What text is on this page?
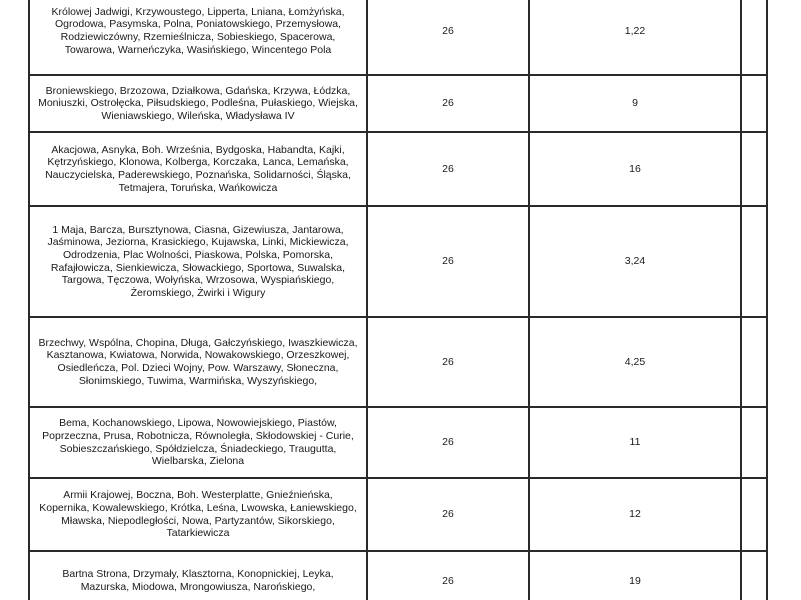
Królowej Jadwigi, Krzywoustego, Lipperta, Lniana, Łomżyńska, Ogrodowa, Pasymska, Polna, Poniatowskiego, Przemysłowa, Rodziewiczówny, Rzemieślnicza, Sobieskiego, Spacerowa, Towarowa, Warneńczyka, Wasińskiego, Wincentego Pola	26	1,22	
Broniewskiego, Brzozowa, Działkowa, Gdańska, Krzywa, Łódzka, Moniuszki, Ostrołęcka, Piłsudskiego, Podleśna, Pułaskiego, Wiejska, Wieniawskiego, Wileńska, Władysława IV	26	9	
Akacjowa, Asnyka, Boh. Września, Bydgoska, Habandta, Kajki, Kętrzyńskiego, Klonowa, Kolberga, Korczaka, Lanca, Lemańska, Nauczycielska, Paderewskiego, Poznańska, Solidarności, Śląska, Tetmajera, Toruńska, Wańkowicza	26	16	
1 Maja, Barcza, Bursztynowa, Ciasna, Gizewiusza, Jantarowa, Jaśminowa, Jeziorna, Krasickiego, Kujawska, Linki, Mickiewicza, Odrodzenia, Plac Wolności, Piaskowa, Polska, Pomorska, Rafajłowicza, Sienkiewicza, Słowackiego, Sportowa, Suwalska, Targowa, Tęczowa, Wołyńska, Wrzosowa, Wyspiańskiego, Żeromskiego, Żwirki i Wigury	26	3,24	
Brzechwy, Wspólna, Chopina, Długa, Gałczyńskiego, Iwaszkiewicza, Kasztanowa, Kwiatowa, Norwida, Nowakowskiego, Orzeszkowej, Osiedleńcza, Pol. Dzieci Wojny, Pow. Warszawy, Słoneczna, Słonimskiego, Tuwima, Warmińska, Wyszyńskiego,	26	4,25	
Bema, Kochanowskiego, Lipowa, Nowowiejskiego, Piastów, Poprzeczna, Prusa, Robotnicza, Równoległa, Skłodowskiej - Curie, Sobieszczańskiego, Spółdzielcza, Śniadeckiego, Traugutta, Wielbarska, Zielona	26	11	
Armii Krajowej, Boczna, Boh. Westerplatte, Gnieźnieńska, Kopernika, Kowalewskiego, Krótka, Leśna, Lwowska, Łaniewskiego, Mławska, Niepodległości, Nowa, Partyzantów, Sikorskiego, Tatarkiewicza	26	12	
Bartna Strona, Drzymały, Klasztorna, Konopnickiej, Leyka, Mazurska, Miodowa, Mrongowiusza, Narońskiego,	26	19	
